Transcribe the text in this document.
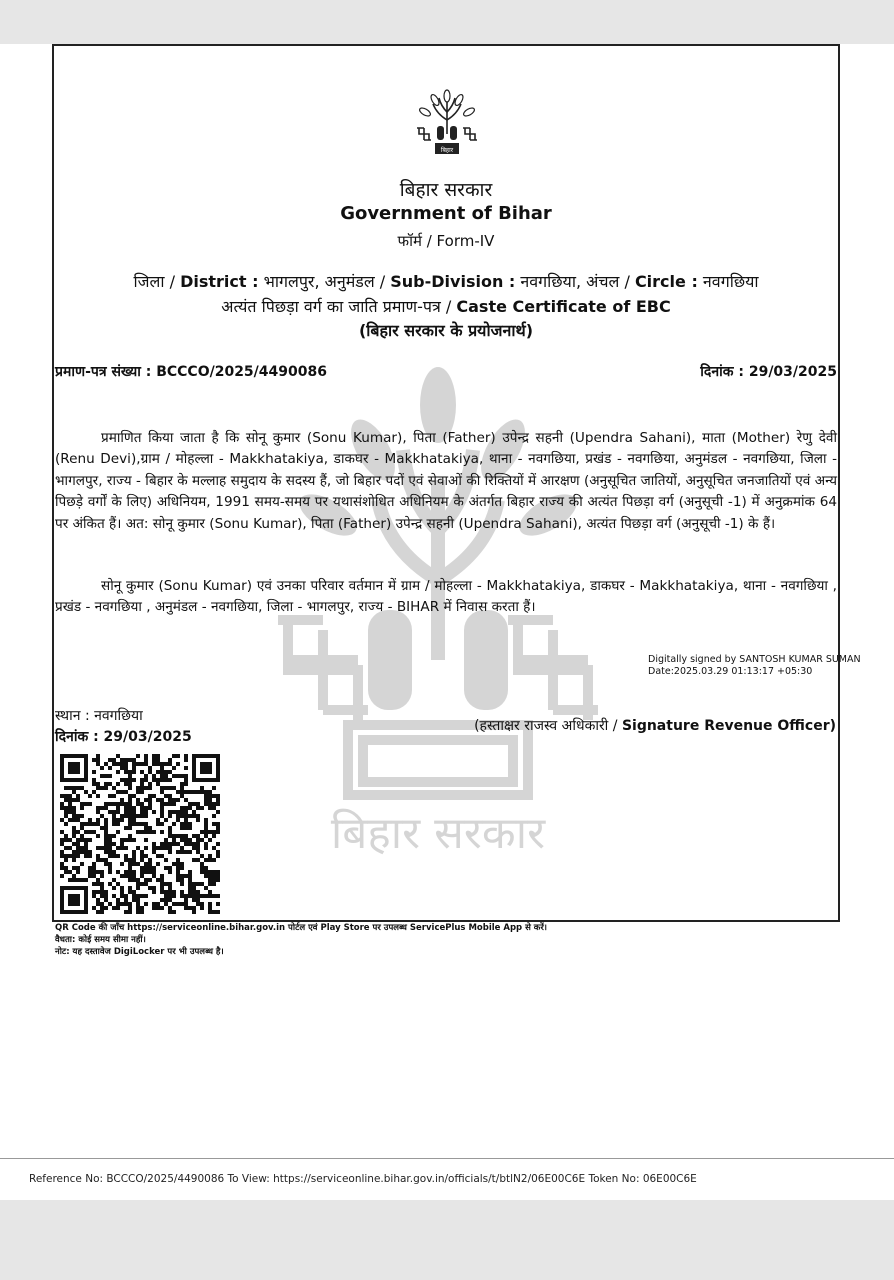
बिहार सरकार
बिहार
बिहार सरकार
Government of Bihar
फॉर्म / Form-IV
जिला / District : भागलपुर, अनुमंडल / Sub-Division : नवगछिया, अंचल / Circle : नवगछिया
अत्यंत पिछड़ा वर्ग का जाति प्रमाण-पत्र / Caste Certificate of EBC
(बिहार सरकार के प्रयोजनार्थ)
प्रमाण-पत्र संख्या : BCCCO/2025/4490086	दिनांक : 29/03/2025
प्रमाणित किया जाता है कि सोनू कुमार (Sonu Kumar), पिता (Father) उपेन्द्र सहनी (Upendra Sahani), माता (Mother) रेणु देवी (Renu Devi),ग्राम / मोहल्ला - Makkhatakiya, डाकघर - Makkhatakiya, थाना - नवगछिया, प्रखंड - नवगछिया, अनुमंडल - नवगछिया, जिला - भागलपुर, राज्य - बिहार के मल्लाह समुदाय के सदस्य हैं, जो बिहार पदों एवं सेवाओं की रिक्तियों में आरक्षण (अनुसूचित जातियों, अनुसूचित जनजातियों एवं अन्य पिछड़े वर्गों के लिए) अधिनियम, 1991 समय-समय पर यथासंशोधित अधिनियम के अंतर्गत बिहार राज्य की अत्यंत पिछड़ा वर्ग (अनुसूची -1) में अनुक्रमांक 64 पर अंकित हैं। अत: सोनू कुमार (Sonu Kumar), पिता (Father) उपेन्द्र सहनी (Upendra Sahani), अत्यंत पिछड़ा वर्ग (अनुसूची -1) के हैं।
सोनू कुमार (Sonu Kumar) एवं उनका परिवार वर्तमान में ग्राम / मोहल्ला - Makkhatakiya, डाकघर - Makkhatakiya, थाना - नवगछिया , प्रखंड - नवगछिया , अनुमंडल - नवगछिया, जिला - भागलपुर, राज्य - BIHAR में निवास करता हैं।
Digitally signed by SANTOSH KUMAR SUMAN
Date:2025.03.29 01:13:17 +05:30
स्थान : नवगछिया
दिनांक : 29/03/2025
(हस्ताक्षर राजस्व अधिकारी / Signature Revenue Officer)
QR Code की जाँच https://serviceonline.bihar.gov.in पोर्टल एवं Play Store पर उपलब्ध ServicePlus Mobile App से करें।
वैधता: कोई समय सीमा नहीं।
नोट: यह दस्तावेज DigiLocker पर भी उपलब्ध है।
Reference No: BCCCO/2025/4490086 To View: https://serviceonline.bihar.gov.in/officials/t/btlN2/06E00C6E Token No: 06E00C6E
